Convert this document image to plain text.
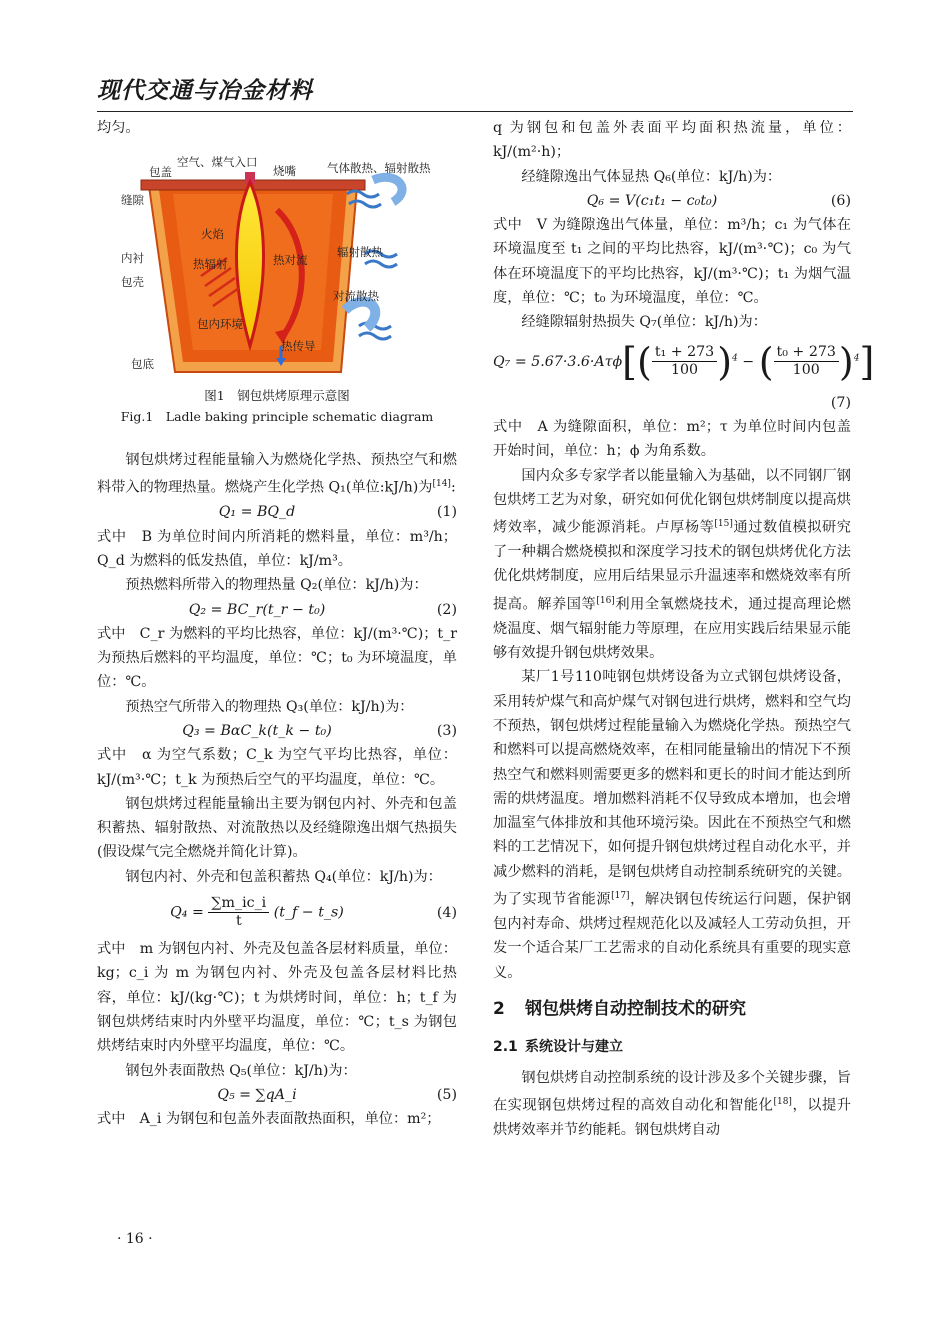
现代交通与冶金材料
包盖
空气、煤气入口
烧嘴	气体散热、辐射散热
缝隙
火焰
热辐射	热对流
辐射散热
内衬
包壳
对流散热
包内环境
热传导
包底
图1　钢包烘烤原理示意图
Fig.1　Ladle baking principle schematic diagram

均匀。

钢包烘烤过程能量输入为燃烧化学热、预热空气和燃料带入的物理热量。燃烧产生化学热 Q₁(单位:kJ/h)为[14]:

Q₁ = BQ_d	(1)

式中　B 为单位时间内所消耗的燃料量，单位：m³/h；Q_d 为燃料的低发热值，单位：kJ/m³。

预热燃料所带入的物理热量 Q₂(单位：kJ/h)为：

Q₂ = BC_r(t_r − t₀)	(2)

式中　C_r 为燃料的平均比热容，单位：kJ/(m³·℃)；t_r 为预热后燃料的平均温度，单位：℃；t₀ 为环境温度，单位：℃。

预热空气所带入的物理热 Q₃(单位：kJ/h)为：

Q₃ = BαC_k(t_k − t₀)	(3)

式中　α 为空气系数；C_k 为空气平均比热容，单位：kJ/(m³·℃；t_k 为预热后空气的平均温度，单位：℃。

钢包烘烤过程能量输出主要为钢包内衬、外壳和包盖积蓄热、辐射散热、对流散热以及经缝隙逸出烟气热损失(假设煤气完全燃烧并简化计算)。

钢包内衬、外壳和包盖积蓄热 Q₄(单位：kJ/h)为：

$Q_4 = \frac{\sum m\_ic\_i}{t}$ (t_f − t_s)	(4)

式中　m 为钢包内衬、外壳及包盖各层材料质量，单位：kg；c_i 为 m 为钢包内衬、外壳及包盖各层材料比热容，单位：kJ/(kg·℃)；t 为烘烤时间，单位：h；t_f 为钢包烘烤结束时内外壁平均温度，单位：℃；t_s 为钢包烘烤结束时内外壁平均温度，单位：℃。

钢包外表面散热 Q₅(单位：kJ/h)为：

Q₅ = ∑qA_i	(5)

式中　A_i 为钢包和包盖外表面散热面积，单位：m²；

q 为钢包和包盖外表面平均面积热流量，单位：kJ/(m²·h)；

经缝隙逸出气体显热 Q₆(单位：kJ/h)为：

Q₆ = V(c₁t₁ − c₀t₀)	(6)

式中　V 为缝隙逸出气体量，单位：m³/h；c₁ 为气体在环境温度至 t₁ 之间的平均比热容，kJ/(m³·℃)；c₀ 为气体在环境温度下的平均比热容，kJ/(m³·℃)；t₁ 为烟气温度，单位：℃；t₀ 为环境温度，单位：℃。

经缝隙辐射热损失 Q₇(单位：kJ/h)为：

$Q_7 = 5.67\cdot 3.6\cdot A\tau\phi[( \frac{\text{t₁ + 273}}{100} )^4$ − ( $\frac{\text{t₀ + 273}}{100} )^4$]
(7)

式中　A 为缝隙面积，单位：m²；τ 为单位时间内包盖开始时间，单位：h；ϕ 为角系数。

国内众多专家学者以能量输入为基础，以不同钢厂钢包烘烤工艺为对象，研究如何优化钢包烘烤制度以提高烘烤效率，减少能源消耗。卢厚杨等[15]通过数值模拟研究了一种耦合燃烧模拟和深度学习技术的钢包烘烤优化方法优化烘烤制度，应用后结果显示升温速率和燃烧效率有所提高。解养国等[16]利用全氧燃烧技术，通过提高理论燃烧温度、烟气辐射能力等原理，在应用实践后结果显示能够有效提升钢包烘烤效果。

某厂1号110吨钢包烘烤设备为立式钢包烘烤设备，采用转炉煤气和高炉煤气对钢包进行烘烤，燃料和空气均不预热，钢包烘烤过程能量输入为燃烧化学热。预热空气和燃料可以提高燃烧效率，在相同能量输出的情况下不预热空气和燃料则需要更多的燃料和更长的时间才能达到所需的烘烤温度。增加燃料消耗不仅导致成本增加，也会增加温室气体排放和其他环境污染。因此在不预热空气和燃料的工艺情况下，如何提升钢包烘烤过程自动化水平，并减少燃料的消耗，是钢包烘烤自动控制系统研究的关键。为了实现节省能源[17]，解决钢包传统运行问题，保护钢包内衬寿命、烘烤过程规范化以及减轻人工劳动负担，开发一个适合某厂工艺需求的自动化系统具有重要的现实意义。

2 钢包烘烤自动控制技术的研究
2.1 系统设计与建立

钢包烘烤自动控制系统的设计涉及多个关键步骤，旨在实现钢包烘烤过程的高效自动化和智能化[18]，以提升烘烤效率并节约能耗。钢包烘烤自动

· 16 ·
